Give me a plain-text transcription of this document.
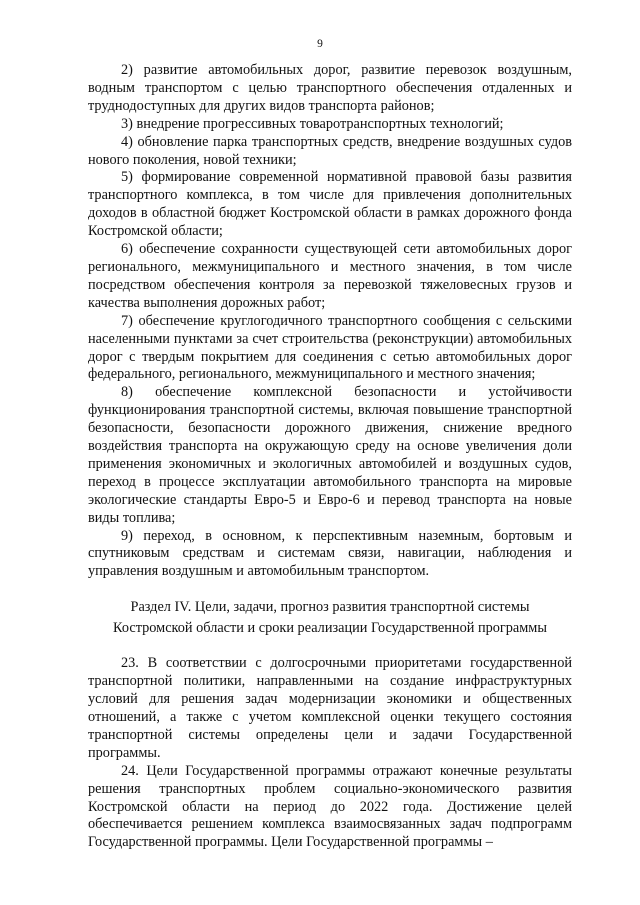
9

2) развитие автомобильных дорог, развитие перевозок воздушным, водным транспортом с целью транспортного обеспечения отдаленных и труднодоступных для других видов транспорта районов;

3) внедрение прогрессивных товаротранспортных технологий;

4) обновление парка транспортных средств, внедрение воздушных судов нового поколения, новой техники;

5) формирование современной нормативной правовой базы развития транспортного комплекса, в том числе для привлечения дополнительных доходов в областной бюджет Костромской области в рамках дорожного фонда Костромской области;

6) обеспечение сохранности существующей сети автомобильных дорог регионального, межмуниципального и местного значения, в том числе посредством обеспечения контроля за перевозкой тяжеловесных грузов и качества выполнения дорожных работ;

7) обеспечение круглогодичного транспортного сообщения с сельскими населенными пунктами за счет строительства (реконструкции) автомобильных дорог с твердым покрытием для соединения с сетью автомобильных дорог федерального, регионального, межмуниципального и местного значения;

8) обеспечение комплексной безопасности и устойчивости функционирования транспортной системы, включая повышение транспортной безопасности, безопасности дорожного движения, снижение вредного воздействия транспорта на окружающую среду на основе увеличения доли применения экономичных и экологичных автомобилей и воздушных судов, переход в процессе эксплуатации автомобильного транспорта на мировые экологические стандарты Евро-5 и Евро-6 и перевод транспорта на новые виды топлива;

9) переход, в основном, к перспективным наземным, бортовым и спутниковым средствам и системам связи, навигации, наблюдения и управления воздушным и автомобильным транспортом.

Раздел IV. Цели, задачи, прогноз развития транспортной системы
Костромской области и сроки реализации Государственной программы

23. В соответствии с долгосрочными приоритетами государственной транспортной политики, направленными на создание инфраструктурных условий для решения задач модернизации экономики и общественных отношений, а также с учетом комплексной оценки текущего состояния транспортной системы определены цели и задачи Государственной программы.

24. Цели Государственной программы отражают конечные результаты решения транспортных проблем социально-экономического развития Костромской области на период до 2022 года. Достижение целей обеспечивается решением комплекса взаимосвязанных задач подпрограмм Государственной программы. Цели Государственной программы –
